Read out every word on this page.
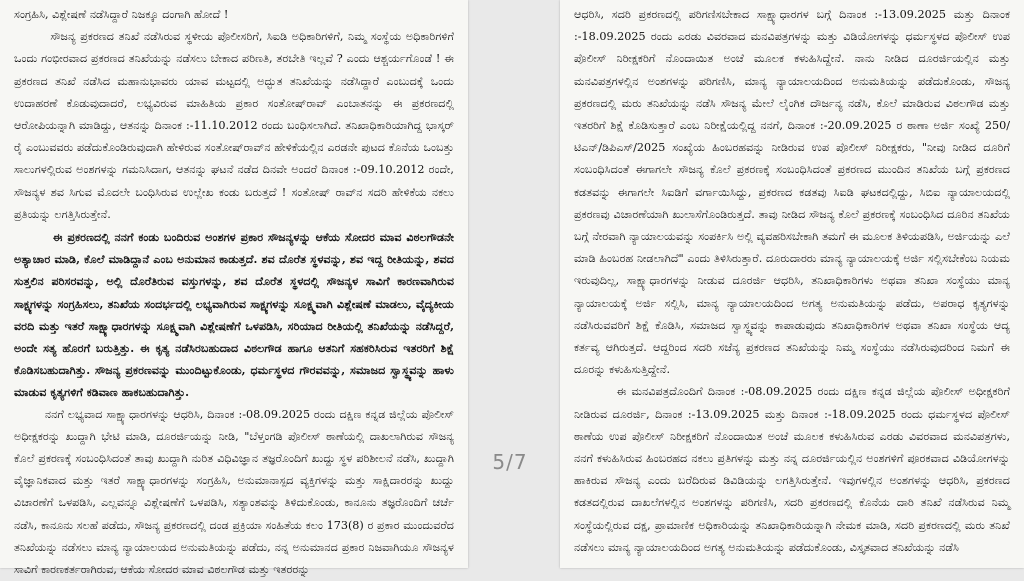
ಸಂಗ್ರಹಿಸಿ, ವಿಶ್ಲೇಷಣೆ ನಡೆಸಿದ್ದಾರೆ ನಿಜಕ್ಕೂ ದಂಗಾಗಿ ಹೋದೆ !

ಸೌಜನ್ಯ ಪ್ರಕರಣದ ತನಿಖೆ ನಡೆಸಿರುವ ಸ್ಥಳೀಯ ಪೊಲೀಸರಿಗೆ, ಸಿಐಡಿ ಅಧಿಕಾರಿಗಳಿಗೆ, ನಿಮ್ಮ ಸಂಸ್ಥೆಯ ಅಧಿಕಾರಿಗಳಿಗೆ ಒಂದು ಗಂಭೀರವಾದ ಪ್ರಕರಣದ ತನಿಖೆಯನ್ನು ನಡೆಸಲು ಬೇಕಾದ ಪರಿಣತಿ, ತರಬೇತಿ ಇಲ್ಲವೆ ? ಎಂದು ಆಶ್ಚರ್ಯಗೊಂಡೆ ! ಈ ಪ್ರಕರಣದ ತನಿಖೆ ನಡೆಸಿದ ಮಹಾನುಭಾವರು ಯಾವ ಮಟ್ಟದಲ್ಲಿ ಅದ್ಭುತ ತನಿಖೆಯನ್ನು ನಡೆಸಿದ್ದಾರೆ ಎಂಬುದಕ್ಕೆ ಒಂದು ಉದಾಹರಣೆ ಕೊಡುವುದಾದರೆ, ಲಭ್ಯವಿರುವ ಮಾಹಿತಿಯ ಪ್ರಕಾರ ಸಂತೋಷ್‌ರಾವ್ ಎಂಬಾತನನ್ನು ಈ ಪ್ರಕರಣದಲ್ಲಿ ಆರೋಪಿಯನ್ನಾಗಿ ಮಾಡಿದ್ದು, ಆತನನ್ನು ದಿನಾಂಕ :-11.10.2012 ರಂದು ಬಂಧಿಸಲಾಗಿದೆ. ತನಿಖಾಧಿಕಾರಿಯಾಗಿದ್ದ ಭಾಸ್ಕರ್ ರೈ ಎಂಬುವವರು ಪಡೆದುಕೊಂಡಿರುವುದಾಗಿ ಹೇಳಿರುವ ಸಂತೋಷ್‌ರಾವ್‌ನ ಹೇಳಿಕೆಯಲ್ಲಿನ ಎರಡನೇ ಪುಟದ ಕೊನೆಯ ಒಂಬತ್ತು ಸಾಲುಗಳಲ್ಲಿರುವ ಅಂಶಗಳನ್ನು ಗಮನಿಸಿದಾಗ, ಆತನನ್ನು ಘಟನೆ ನಡೆದ ದಿನವೇ ಅಂದರೆ ದಿನಾಂಕ :-09.10.2012 ರಂದೇ, ಸೌಜನ್ಯಳ ಶವ ಸಿಗುವ ಮೊದಲೇ ಬಂಧಿಸಿರುವ ಉಲ್ಲೇಖ ಕಂಡು ಬರುತ್ತದೆ ! ಸಂತೋಷ್ ರಾವ್‌ನ ಸದರಿ ಹೇಳಿಕೆಯ ನಕಲು ಪ್ರತಿಯನ್ನು ಲಗತ್ತಿಸಿರುತ್ತೇನೆ.

ಈ ಪ್ರಕರಣದಲ್ಲಿ ನನಗೆ ಕಂಡು ಬಂದಿರುವ ಅಂಶಗಳ ಪ್ರಕಾರ ಸೌಜನ್ಯಳನ್ನು ಆಕೆಯ ಸೋದರ ಮಾವ ವಿಠಲಗೌಡನೇ ಅತ್ಯಾಚಾರ ಮಾಡಿ, ಕೊಲೆ ಮಾಡಿದ್ದಾನೆ ಎಂಬ ಅನುಮಾನ ಕಾಡುತ್ತದೆ. ಶವ ದೊರೆತ ಸ್ಥಳವನ್ನು, ಶವ ಇದ್ದ ರೀತಿಯನ್ನು, ಶವದ ಸುತ್ತಲಿನ ಪರಿಸರವನ್ನು, ಅಲ್ಲಿ ದೊರೆತಿರುವ ವಸ್ತುಗಳನ್ನು, ಶವ ದೊರೆತ ಸ್ಥಳದಲ್ಲಿ ಸೌಜನ್ಯಳ ಸಾವಿಗೆ ಕಾರಣವಾಗಿರುವ ಸಾಕ್ಷ್ಯಗಳನ್ನು ಸಂಗ್ರಹಿಸಲು, ತನಿಖೆಯ ಸಂದರ್ಭದಲ್ಲಿ ಲಭ್ಯವಾಗಿರುವ ಸಾಕ್ಷ್ಯಗಳನ್ನು ಸೂಕ್ಷ್ಮವಾಗಿ ವಿಶ್ಲೇಷಣೆ ಮಾಡಲು, ವೈದ್ಯಕೀಯ ವರದಿ ಮತ್ತು ಇತರೆ ಸಾಕ್ಷ್ಯಾಧಾರಗಳನ್ನು ಸೂಕ್ಷ್ಮವಾಗಿ ವಿಶ್ಲೇಷಣೆಗೆ ಒಳಪಡಿಸಿ, ಸರಿಯಾದ ರೀತಿಯಲ್ಲಿ ತನಿಖೆಯನ್ನು ನಡೆಸಿದ್ದರೆ, ಅಂದೇ ಸತ್ಯ ಹೊರಗೆ ಬರುತ್ತಿತ್ತು. ಈ ಕೃತ್ಯ ನಡೆಸಿರಬಹುದಾದ ವಿಠಲಗೌಡ ಹಾಗೂ ಆತನಿಗೆ ಸಹಕರಿಸಿರುವ ಇತರರಿಗೆ ಶಿಕ್ಷೆ ಕೊಡಿಸಬಹುದಾಗಿತ್ತು. ಸೌಜನ್ಯ ಪ್ರಕರಣವನ್ನು ಮುಂದಿಟ್ಟುಕೊಂಡು, ಧರ್ಮಸ್ಥಳದ ಗೌರವವನ್ನು, ಸಮಾಜದ ಸ್ವಾಸ್ಥ್ಯವನ್ನು ಹಾಳು ಮಾಡುವ ಕೃತ್ಯಗಳಿಗೆ ಕಡಿವಾಣ ಹಾಕಬಹುದಾಗಿತ್ತು.

ನನಗೆ ಲಭ್ಯವಾದ ಸಾಕ್ಷ್ಯಾಧಾರಗಳನ್ನು ಆಧರಿಸಿ, ದಿನಾಂಕ :-08.09.2025 ರಂದು ದಕ್ಷಿಣ ಕನ್ನಡ ಜಿಲ್ಲೆಯ ಪೊಲೀಸ್ ಅಧೀಕ್ಷಕರನ್ನು ಖುದ್ದಾಗಿ ಭೇಟಿ ಮಾಡಿ, ದೂರರ್ಜಿಯನ್ನು ನೀಡಿ, "ಬೆಳ್ತಂಗಡಿ ಪೊಲೀಸ್ ಠಾಣೆಯಲ್ಲಿ ದಾಖಲಾಗಿರುವ ಸೌಜನ್ಯ ಕೊಲೆ ಪ್ರಕರಣಕ್ಕೆ ಸಂಬಂಧಿಸಿದಂತೆ ತಾವು ಖುದ್ದಾಗಿ ನುರಿತ ವಿಧಿವಿಜ್ಞಾನ ತಜ್ಞರೊಂದಿಗೆ ಖುದ್ದು ಸ್ಥಳ ಪರಿಶೀಲನೆ ನಡೆಸಿ, ಖುದ್ದಾಗಿ ವೈಜ್ಞಾನಿಕವಾದ ಮತ್ತು ಇತರೆ ಸಾಕ್ಷ್ಯಾಧಾರಗಳನ್ನು ಸಂಗ್ರಹಿಸಿ, ಅನುಮಾನಾಸ್ಪದ ವ್ಯಕ್ತಿಗಳನ್ನು ಮತ್ತು ಸಾಕ್ಷಿದಾರರನ್ನು ಖುದ್ದು ವಿಚಾರಣೆಗೆ ಒಳಪಡಿಸಿ, ಎಲ್ಲವನ್ನೂ ವಿಶ್ಲೇಷಣೆಗೆ ಒಳಪಡಿಸಿ, ಸತ್ಯಾಂಶವನ್ನು ತಿಳಿದುಕೊಂಡು, ಕಾನೂನು ತಜ್ಞರೊಂದಿಗೆ ಚರ್ಚೆ ನಡೆಸಿ, ಕಾನೂನು ಸಲಹೆ ಪಡೆದು, ಸೌಜನ್ಯ ಪ್ರಕರಣದಲ್ಲಿ ದಂಡ ಪ್ರಕ್ರಿಯಾ ಸಂಹಿತೆಯ ಕಲಂ 173(8) ರ ಪ್ರಕಾರ ಮುಂದುವರೆದ ತನಿಖೆಯನ್ನು ನಡೆಸಲು ಮಾನ್ಯ ನ್ಯಾಯಾಲಯದ ಅನುಮತಿಯನ್ನು ಪಡೆದು, ನನ್ನ ಅನುಮಾನದ ಪ್ರಕಾರ ನಿಜವಾಗಿಯೂ ಸೌಜನ್ಯಳ ಸಾವಿಗೆ ಕಾರಣಕರ್ತರಾಗಿರುವ, ಆಕೆಯ ಸೋದರ ಮಾವ ವಿಠಲಗೌಡ ಮತ್ತು ಇತರರನ್ನು

5/7

ಆಧರಿಸಿ, ಸದರಿ ಪ್ರಕರಣದಲ್ಲಿ ಪರಿಗಣಿಸಬೇಕಾದ ಸಾಕ್ಷ್ಯಾಧಾರಗಳ ಬಗ್ಗೆ ದಿನಾಂಕ :-13.09.2025 ಮತ್ತು ದಿನಾಂಕ :-18.09.2025 ರಂದು ಎರಡು ವಿವರವಾದ ಮನವಿಪತ್ರಗಳನ್ನು ಮತ್ತು ವಿಡಿಯೋಗಳನ್ನು ಧರ್ಮಸ್ಥಳದ ಪೊಲೀಸ್ ಉಪ ಪೊಲೀಸ್ ನಿರೀಕ್ಷಕರಿಗೆ ನೊಂದಾಯಿತ ಅಂಚೆ ಮೂಲಕ ಕಳುಹಿಸಿದ್ದೇನೆ. ನಾನು ನೀಡಿದ ದೂರರ್ಜಿಯಲ್ಲಿನ ಮತ್ತು ಮನವಿಪತ್ರಗಳಲ್ಲಿನ ಅಂಶಗಳನ್ನು ಪರಿಗಣಿಸಿ, ಮಾನ್ಯ ನ್ಯಾಯಾಲಯದಿಂದ ಅನುಮತಿಯನ್ನು ಪಡೆದುಕೊಂಡು, ಸೌಜನ್ಯ ಪ್ರಕರಣದಲ್ಲಿ ಮರು ತನಿಖೆಯನ್ನು ನಡೆಸಿ ಸೌಜನ್ಯ ಮೇಲೆ ಲೈಂಗಿಕ ದೌರ್ಜನ್ಯ ನಡೆಸಿ, ಕೊಲೆ ಮಾಡಿರುವ ವಿಠಲಗೌಡ ಮತ್ತು ಇತರರಿಗೆ ಶಿಕ್ಷೆ ಕೊಡಿಸುತ್ತಾರೆ ಎಂಬ ನಿರೀಕ್ಷೆಯಲ್ಲಿದ್ದ ನನಗೆ, ದಿನಾಂಕ :-20.09.2025 ರ ಠಾಣಾ ಅರ್ಜಿ ಸಂಖ್ಯೆ 250/ಟಿಎನ್/ಡಿಪಿಎಸ್/2025 ಸಂಖ್ಯೆಯ ಹಿಂಬರಹವನ್ನು ನೀಡಿರುವ ಉಪ ಪೊಲೀಸ್ ನಿರೀಕ್ಷಕರು, "ನೀವು ನೀಡಿದ ದೂರಿಗೆ ಸಂಬಂಧಿಸಿದಂತೆ ಈಗಾಗಲೇ ಸೌಜನ್ಯ ಕೊಲೆ ಪ್ರಕರಣಕ್ಕೆ ಸಂಬಂಧಿಸಿದಂತೆ ಪ್ರಕರಣದ ಮುಂದಿನ ತನಿಖೆಯ ಬಗ್ಗೆ ಪ್ರಕರಣದ ಕಡತವನ್ನು ಈಗಾಗಲೇ ಸಿಐಡಿಗೆ ವರ್ಗಾಯಿಸಿದ್ದು, ಪ್ರಕರಣದ ಕಡತವು ಸಿಐಡಿ ಘಟಕದಲ್ಲಿದ್ದು, ಸಿಬಿಐ ನ್ಯಾಯಾಲಯದಲ್ಲಿ ಪ್ರಕರಣವು ವಿಚಾರಣೆಯಾಗಿ ಖುಲಾಸೆಗೊಂಡಿರುತ್ತದೆ. ತಾವು ನೀಡಿದ ಸೌಜನ್ಯ ಕೊಲೆ ಪ್ರಕರಣಕ್ಕೆ ಸಂಬಂಧಿಸಿದ ದೂರಿನ ತನಿಖೆಯ ಬಗ್ಗೆ ನೇರವಾಗಿ ನ್ಯಾಯಾಲಯವನ್ನು ಸಂಪರ್ಕಿಸಿ ಅಲ್ಲಿ ವ್ಯವಹರಿಸಬೇಕಾಗಿ ತಮಗೆ ಈ ಮೂಲಕ ತಿಳಿಯಪಡಿಸಿ, ಅರ್ಜಿಯನ್ನು ಎಲೆ ಮಾಡಿ ಹಿಂಬರಹ ನೀಡಲಾಗಿದೆ" ಎಂದು ತಿಳಿಸಿರುತ್ತಾರೆ. ದೂರುದಾರರು ಮಾನ್ಯ ನ್ಯಾಯಾಲಯಕ್ಕೆ ಅರ್ಜಿ ಸಲ್ಲಿಸಬೇಕೆಂಬ ನಿಯಮ ಇರುವುದಿಲ್ಲ, ಸಾಕ್ಷ್ಯಾಧಾರಗಳನ್ನು ನೀಡುವ ದೂರರ್ಜಿ ಆಧರಿಸಿ, ತನಿಖಾಧಿಕಾರಿಗಳು ಅಥವಾ ತನಿಖಾ ಸಂಸ್ಥೆಯು ಮಾನ್ಯ ನ್ಯಾಯಾಲಯಕ್ಕೆ ಅರ್ಜಿ ಸಲ್ಲಿಸಿ, ಮಾನ್ಯ ನ್ಯಾಯಾಲಯದಿಂದ ಅಗತ್ಯ ಅನುಮತಿಯನ್ನು ಪಡೆದು, ಅಪರಾಧ ಕೃತ್ಯಗಳನ್ನು ನಡೆಸಿರುವವರಿಗೆ ಶಿಕ್ಷೆ ಕೊಡಿಸಿ, ಸಮಾಜದ ಸ್ವಾಸ್ಥ್ಯವನ್ನು ಕಾಪಾಡುವುದು ತನಿಖಾಧಿಕಾರಿಗಳ ಅಥವಾ ತನಿಖಾ ಸಂಸ್ಥೆಯ ಆದ್ಯ ಕರ್ತವ್ಯ ಆಗಿರುತ್ತದೆ. ಆದ್ದರಿಂದ ಸದರಿ ಸಜೆನ್ಯ ಪ್ರಕರಣದ ತನಿಖೆಯನ್ನು ನಿಮ್ಮ ಸಂಸ್ಥೆಯು ನಡೆಸಿರುವುದರಿಂದ ನಿಮಗೆ ಈ ದೂರನ್ನು ಕಳುಹಿಸುತ್ತಿದ್ದೇನೆ.

ಈ ಮನವಿಪತ್ರದೊಂದಿಗೆ ದಿನಾಂಕ :-08.09.2025 ರಂದು ದಕ್ಷಿಣ ಕನ್ನಡ ಜಿಲ್ಲೆಯ ಪೊಲೀಸ್ ಅಧೀಕ್ಷಕರಿಗೆ ನೀಡಿರುವ ದೂರರ್ಜಿ, ದಿನಾಂಕ :-13.09.2025 ಮತ್ತು ದಿನಾಂಕ :-18.09.2025 ರಂದು ಧರ್ಮಸ್ಥಳದ ಪೊಲೀಸ್ ಠಾಣೆಯ ಉಪ ಪೊಲೀಸ್ ನಿರೀಕ್ಷಕರಿಗೆ ನೊಂದಾಯಿತ ಅಂಚೆ ಮೂಲಕ ಕಳುಹಿಸಿರುವ ಎರಡು ವಿವರವಾದ ಮನವಿಪತ್ರಗಳು, ನನಗೆ ಕಳುಹಿಸಿರುವ ಹಿಂಬರಹದ ನಕಲು ಪ್ರತಿಗಳನ್ನು ಮತ್ತು ನನ್ನ ದೂರರ್ಜಿಯಲ್ಲಿನ ಅಂಶಗಳಿಗೆ ಪೂರಕವಾದ ವಿಡಿಯೋಗಳನ್ನು ಹಾಕಿರುವ ಸೌಜನ್ಯ ಎಂದು ಬರೆದಿರುವ ಡಿವಿಡಿಯನ್ನು ಲಗತ್ತಿಸಿರುತ್ತೇನೆ. ಇವುಗಳಲ್ಲಿನ ಅಂಶಗಳನ್ನು ಆಧರಿಸಿ, ಪ್ರಕರಣದ ಕಡತದಲ್ಲಿರುವ ದಾಖಲೆಗಳಲ್ಲಿನ ಅಂಶಗಳನ್ನು ಪರಿಗಣಿಸಿ, ಸದರಿ ಪ್ರಕರಣದಲ್ಲಿ ಕೊನೆಯ ದಾರಿ ತನಿಖೆ ನಡೆಸಿರುವ ನಿಮ್ಮ ಸಂಸ್ಥೆಯಲ್ಲಿರುವ ದಕ್ಷ, ಪ್ರಾಮಾಣಿಕ ಅಧಿಕಾರಿಯನ್ನು ತನಿಖಾಧಿಕಾರಿಯನ್ನಾಗಿ ನೇಮಕ ಮಾಡಿ, ಸದರಿ ಪ್ರಕರಣದಲ್ಲಿ ಮರು ತನಿಖೆ ನಡೆಸಲು ಮಾನ್ಯ ನ್ಯಾಯಾಲಯದಿಂದ ಅಗತ್ಯ ಅನುಮತಿಯನ್ನು ಪಡೆದುಕೊಂಡು, ವಿಸ್ತೃತವಾದ ತನಿಖೆಯನ್ನು ನಡೆಸಿ
